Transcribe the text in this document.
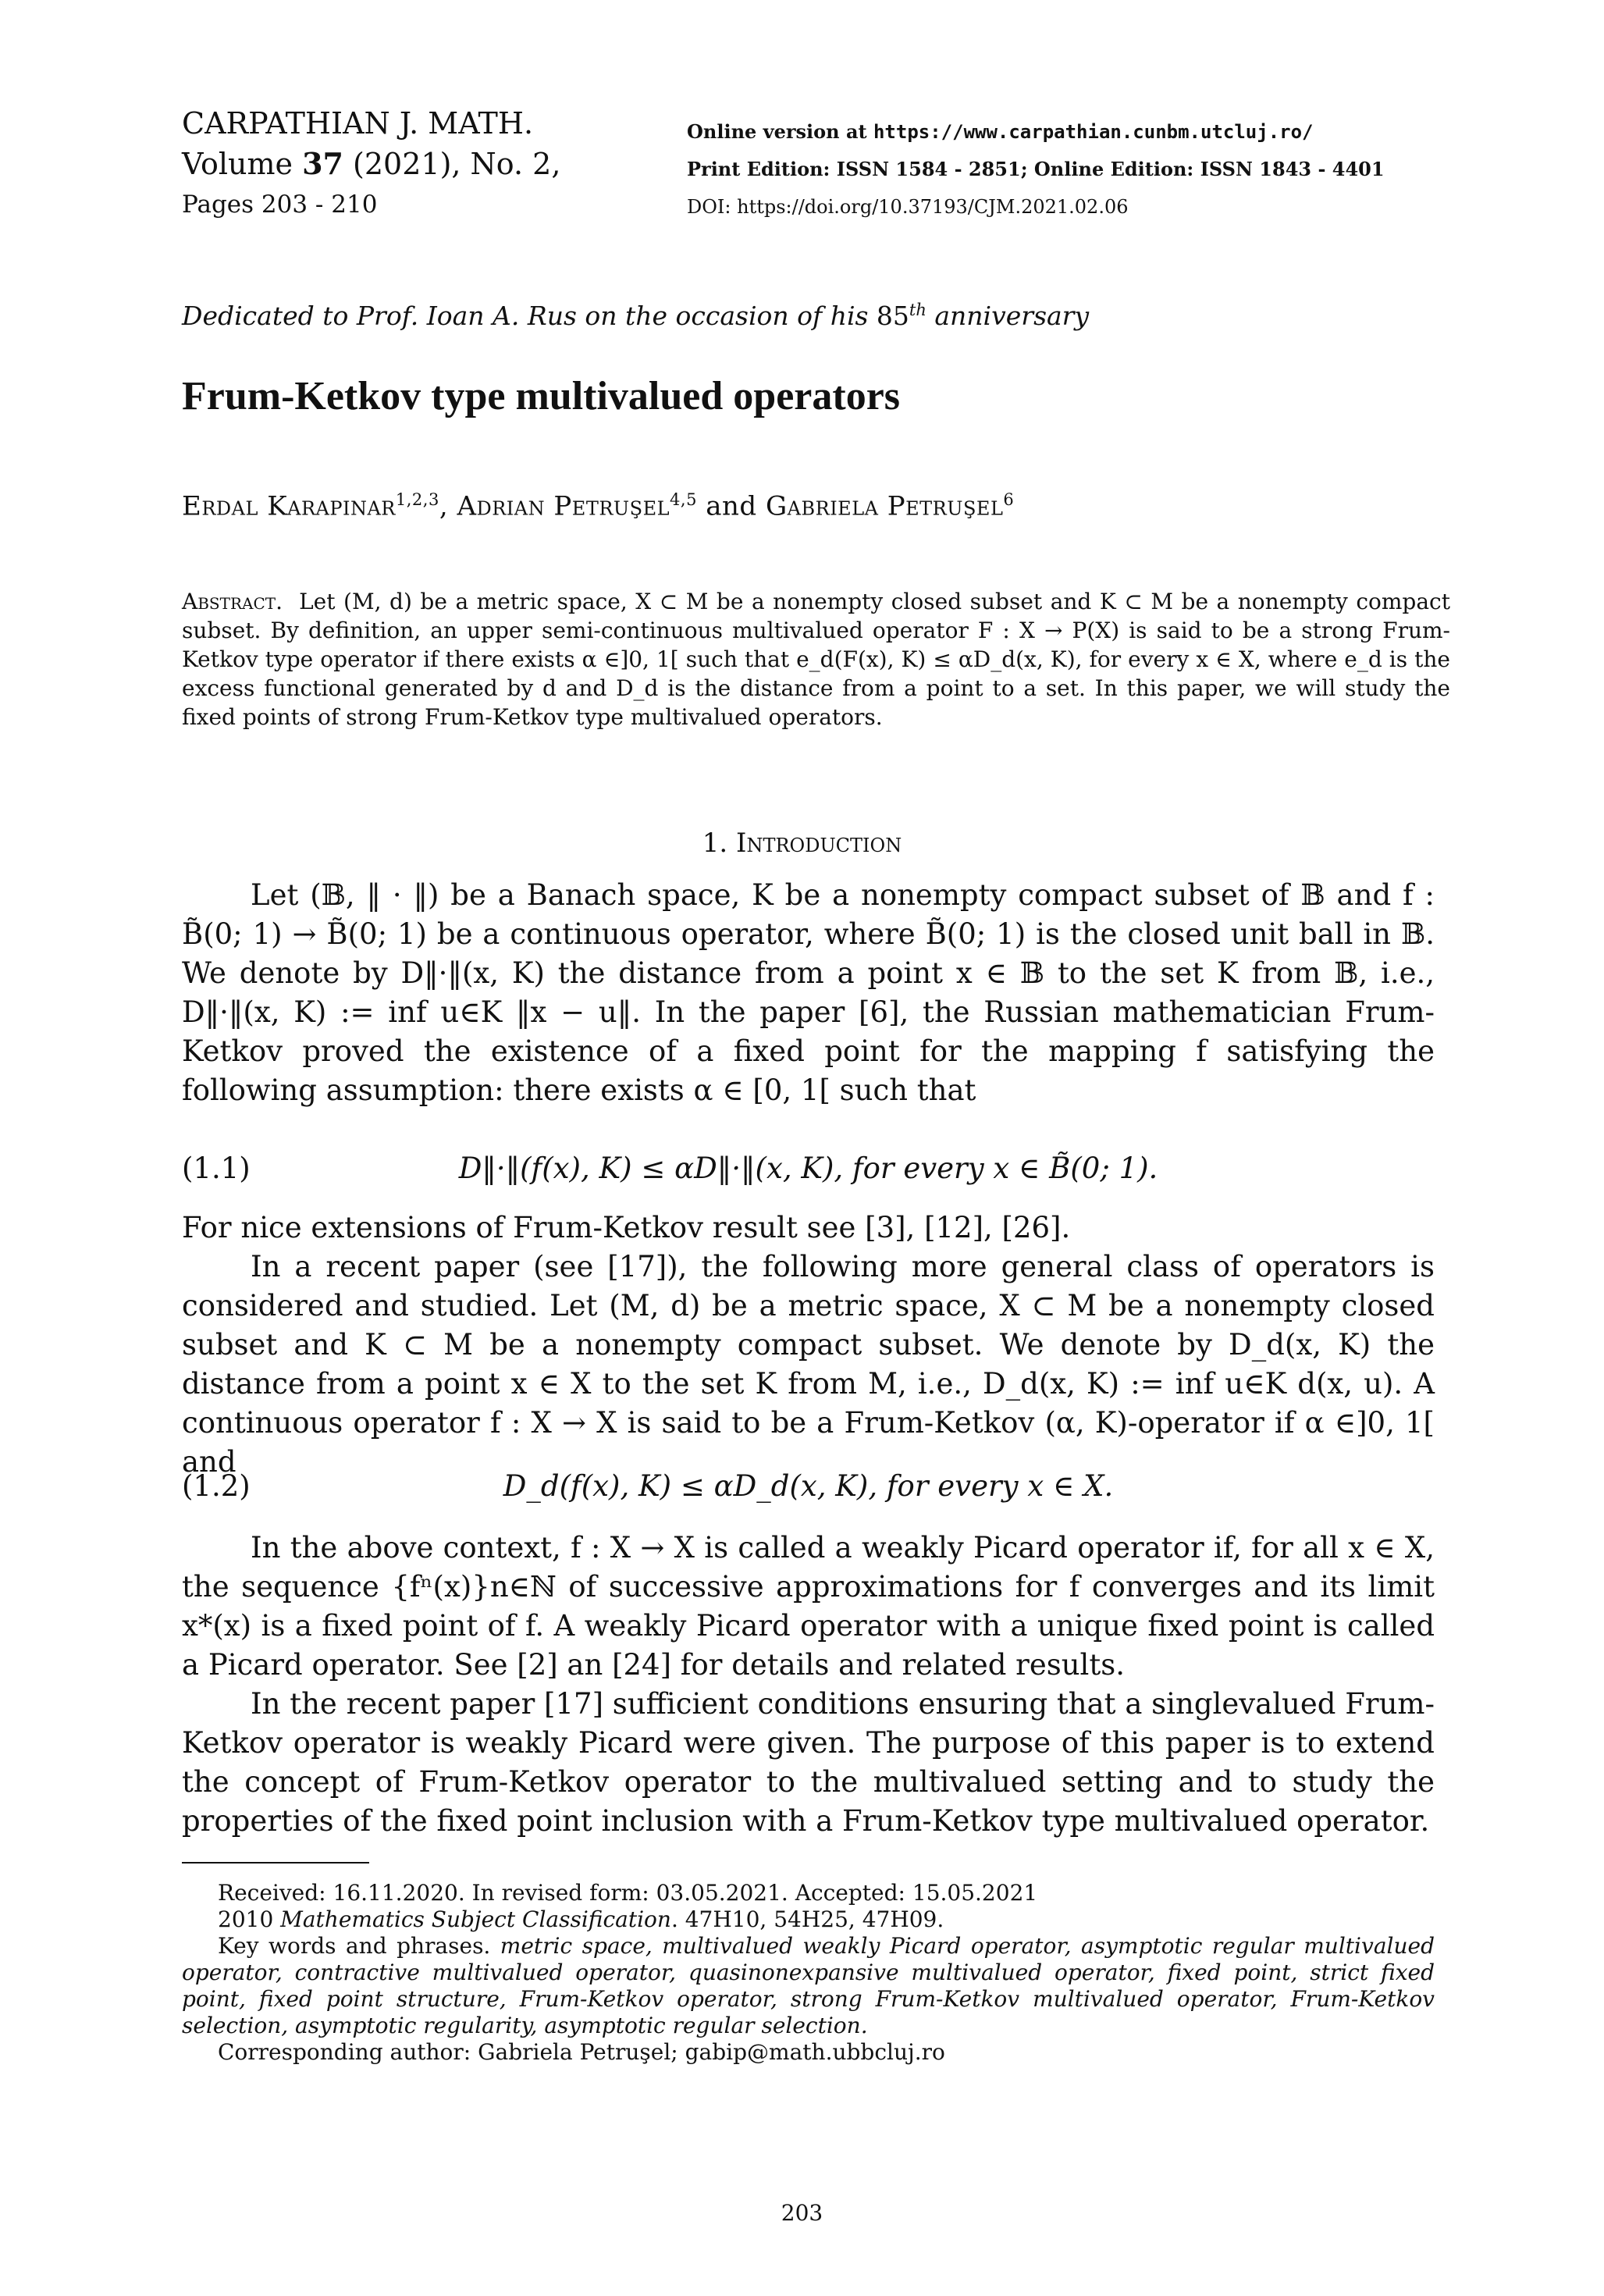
CARPATHIAN J. MATH.
Volume 37 (2021), No. 2,
Pages 203 - 210
Online version at https://www.carpathian.cunbm.utcluj.ro/
Print Edition: ISSN 1584 - 2851; Online Edition: ISSN 1843 - 4401
DOI: https://doi.org/10.37193/CJM.2021.02.06
Dedicated to Prof. Ioan A. Rus on the occasion of his 85th anniversary
Frum-Ketkov type multivalued operators
Erdal Karapinar$^{1,2,3}$, Adrian Petruşel$^{4,5}$ and Gabriela Petruşel$^6$
Abstract. Let (M, d) be a metric space, X ⊂ M be a nonempty closed subset and K ⊂ M be a nonempty compact subset. By definition, an upper semi-continuous multivalued operator F : X → P(X) is said to be a strong Frum-Ketkov type operator if there exists α ∈]0, 1[ such that e_d(F(x), K) ≤ αD_d(x, K), for every x ∈ X, where e_d is the excess functional generated by d and D_d is the distance from a point to a set. In this paper, we will study the fixed points of strong Frum-Ketkov type multivalued operators.
1. Introduction
Let (𝔹, ‖ · ‖) be a Banach space, K be a nonempty compact subset of 𝔹 and f : B̃(0; 1) → B̃(0; 1) be a continuous operator, where B̃(0; 1) is the closed unit ball in 𝔹. We denote by D‖·‖(x, K) the distance from a point x ∈ 𝔹 to the set K from 𝔹, i.e., D‖·‖(x, K) := inf u∈K ‖x − u‖. In the paper [6], the Russian mathematician Frum-Ketkov proved the existence of a fixed point for the mapping f satisfying the following assumption: there exists α ∈ [0, 1[ such that
(1.1)	D‖·‖(f(x), K) ≤ αD‖·‖(x, K), for every x ∈ B̃(0; 1).
For nice extensions of Frum-Ketkov result see [3], [12], [26].
In a recent paper (see [17]), the following more general class of operators is considered and studied. Let (M, d) be a metric space, X ⊂ M be a nonempty closed subset and K ⊂ M be a nonempty compact subset. We denote by D_d(x, K) the distance from a point x ∈ X to the set K from M, i.e., D_d(x, K) := inf u∈K d(x, u). A continuous operator f : X → X is said to be a Frum-Ketkov (α, K)-operator if α ∈]0, 1[ and
(1.2)	D_d(f(x), K) ≤ αD_d(x, K), for every x ∈ X.
In the above context, f : X → X is called a weakly Picard operator if, for all x ∈ X, the sequence {fⁿ(x)}n∈ℕ of successive approximations for f converges and its limit x*(x) is a fixed point of f. A weakly Picard operator with a unique fixed point is called a Picard operator. See [2] an [24] for details and related results.
In the recent paper [17] sufficient conditions ensuring that a singlevalued Frum-Ketkov operator is weakly Picard were given. The purpose of this paper is to extend the concept of Frum-Ketkov operator to the multivalued setting and to study the properties of the fixed point inclusion with a Frum-Ketkov type multivalued operator.
Received: 16.11.2020. In revised form: 03.05.2021. Accepted: 15.05.2021
2010 Mathematics Subject Classification. 47H10, 54H25, 47H09.
Key words and phrases. metric space, multivalued weakly Picard operator, asymptotic regular multivalued operator, contractive multivalued operator, quasinonexpansive multivalued operator, fixed point, strict fixed point, fixed point structure, Frum-Ketkov operator, strong Frum-Ketkov multivalued operator, Frum-Ketkov selection, asymptotic regularity, asymptotic regular selection.
Corresponding author: Gabriela Petruşel; gabip@math.ubbcluj.ro
203
